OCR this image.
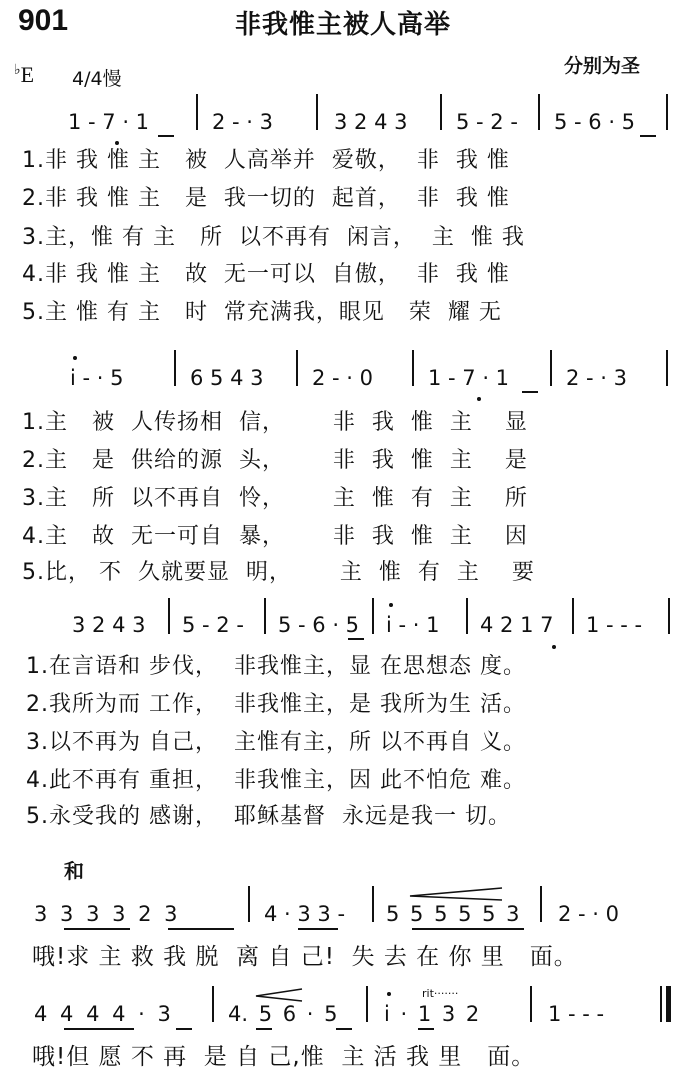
901	非我惟主被人高举
分别为圣
♭E 4/4慢
1 - 7 · 1	2 - · 3	3 2 4 3 5 - 2 - 5 - 6 · 5
1.非 我 惟 主   被  人高举并  爱敬，  非  我 惟
2.非 我 惟 主   是  我一切的  起首，  非  我 惟
3.主，惟 有 主   所  以不再有  闲言，  主  惟 我
4.非 我 惟 主   故  无一可以  自傲，  非  我 惟
5.主 惟 有 主   时  常充满我，眼见   荣  耀 无
i - · 5	6 5 4 3 2 - · 0	1 - 7 · 1	2 - · 3
1.主   被  人传扬相  信，      非  我  惟  主    显
2.主   是  供给的源  头，      非  我  惟  主    是
3.主   所  以不再自  怜，      主  惟  有  主    所
4.主   故  无一可自  暴，      非  我  惟  主    因
5.比， 不  久就要显  明，      主  惟  有  主    要
3 2 4 3 5 - 2 - 5 - 6 · 5 i - · 1 4 2 1 7 1 - - -
1.在言语和 步伐，  非我惟主，显 在思想态 度。
2.我所为而 工作，  非我惟主，是 我所为生 活。
3.以不再为 自己，  主惟有主，所 以不再自 义。
4.此不再有 重担，  非我惟主，因 此不怕危 难。
5.永受我的 感谢，  耶稣基督  永远是我一 切。
和
3 3 3 3 2 3	4 · 3 3 - 5 5 5 5 5 3 2 - · 0
哦!求 主 救 我 脱  离 自 己!  失 去 在 你 里   面。
4 4 4 4 · 3	4. 5 6 · 5 i · 1 3 2	1 - - -
rit·······
哦!但 愿 不 再  是 自 己,惟  主 活 我 里   面。
